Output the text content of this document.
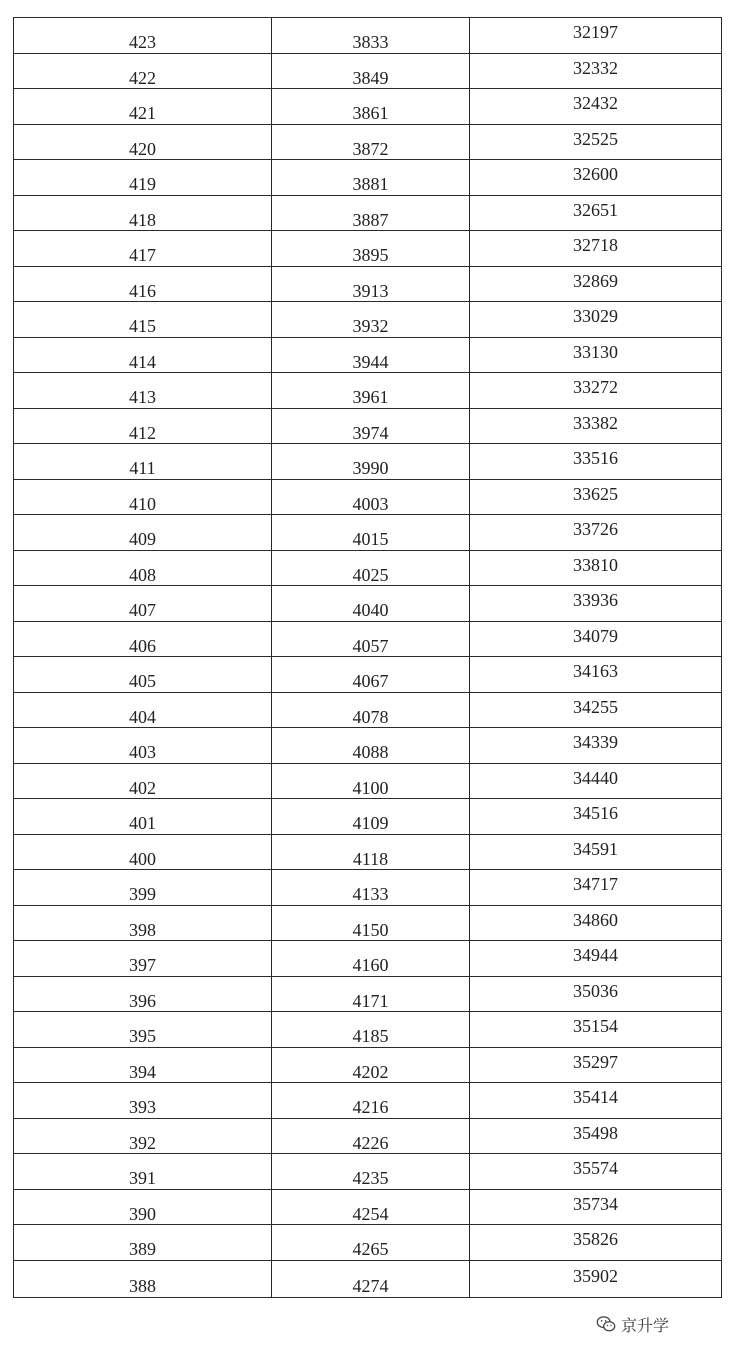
423	3833	32197
422	3849	32332
421	3861	32432
420	3872	32525
419	3881	32600
418	3887	32651
417	3895	32718
416	3913	32869
415	3932	33029
414	3944	33130
413	3961	33272
412	3974	33382
411	3990	33516
410	4003	33625
409	4015	33726
408	4025	33810
407	4040	33936
406	4057	34079
405	4067	34163
404	4078	34255
403	4088	34339
402	4100	34440
401	4109	34516
400	4118	34591
399	4133	34717
398	4150	34860
397	4160	34944
396	4171	35036
395	4185	35154
394	4202	35297
393	4216	35414
392	4226	35498
391	4235	35574
390	4254	35734
389	4265	35826
388	4274	35902
京升学
